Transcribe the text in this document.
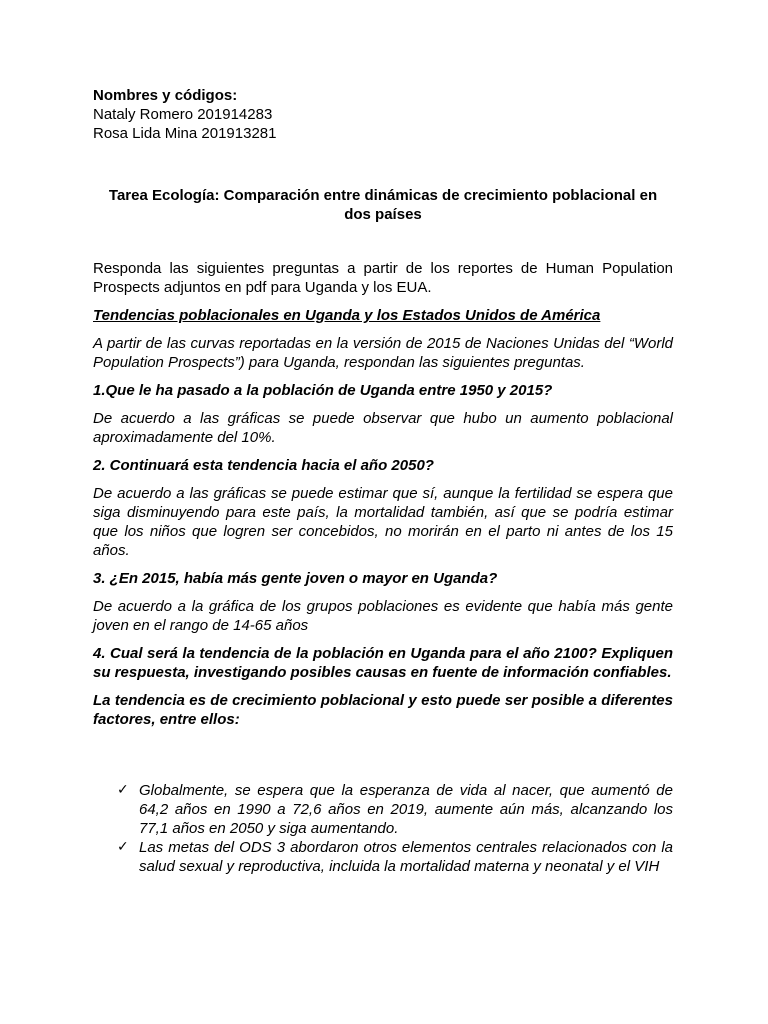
Nombres y códigos:
Nataly Romero 201914283
Rosa Lida Mina 201913281

Tarea Ecología: Comparación entre dinámicas de crecimiento poblacional en dos países

Responda las siguientes preguntas a partir de los reportes de Human Population Prospects adjuntos en pdf para Uganda y los EUA.

Tendencias poblacionales en Uganda y los Estados Unidos de América

A partir de las curvas reportadas en la versión de 2015 de Naciones Unidas del “World Population Prospects”) para Uganda, respondan las siguientes preguntas.

1.Que le ha pasado a la población de Uganda entre 1950 y 2015?

De acuerdo a las gráficas se puede observar que hubo un aumento poblacional aproximadamente del 10%.

2. Continuará esta tendencia hacia el año 2050?

De acuerdo a las gráficas se puede estimar que sí, aunque la fertilidad se espera que siga disminuyendo para este país, la mortalidad también, así que se podría estimar que los niños que logren ser concebidos, no morirán en el parto ni antes de los 15 años.

3. ¿En 2015, había más gente joven o mayor en Uganda?

De acuerdo a la gráfica de los grupos poblaciones es evidente que había más gente joven en el rango de 14-65 años

4. Cual será la tendencia de la población en Uganda para el año 2100? Expliquen su respuesta, investigando posibles causas en fuente de información confiables.

La tendencia es de crecimiento poblacional y esto puede ser posible a diferentes factores, entre ellos:

✓ Globalmente, se espera que la esperanza de vida al nacer, que aumentó de 64,2 años en 1990 a 72,6 años en 2019, aumente aún más, alcanzando los 77,1 años en 2050 y siga aumentando.
✓ Las metas del ODS 3 abordaron otros elementos centrales relacionados con la salud sexual y reproductiva, incluida la mortalidad materna y neonatal y el VIH
